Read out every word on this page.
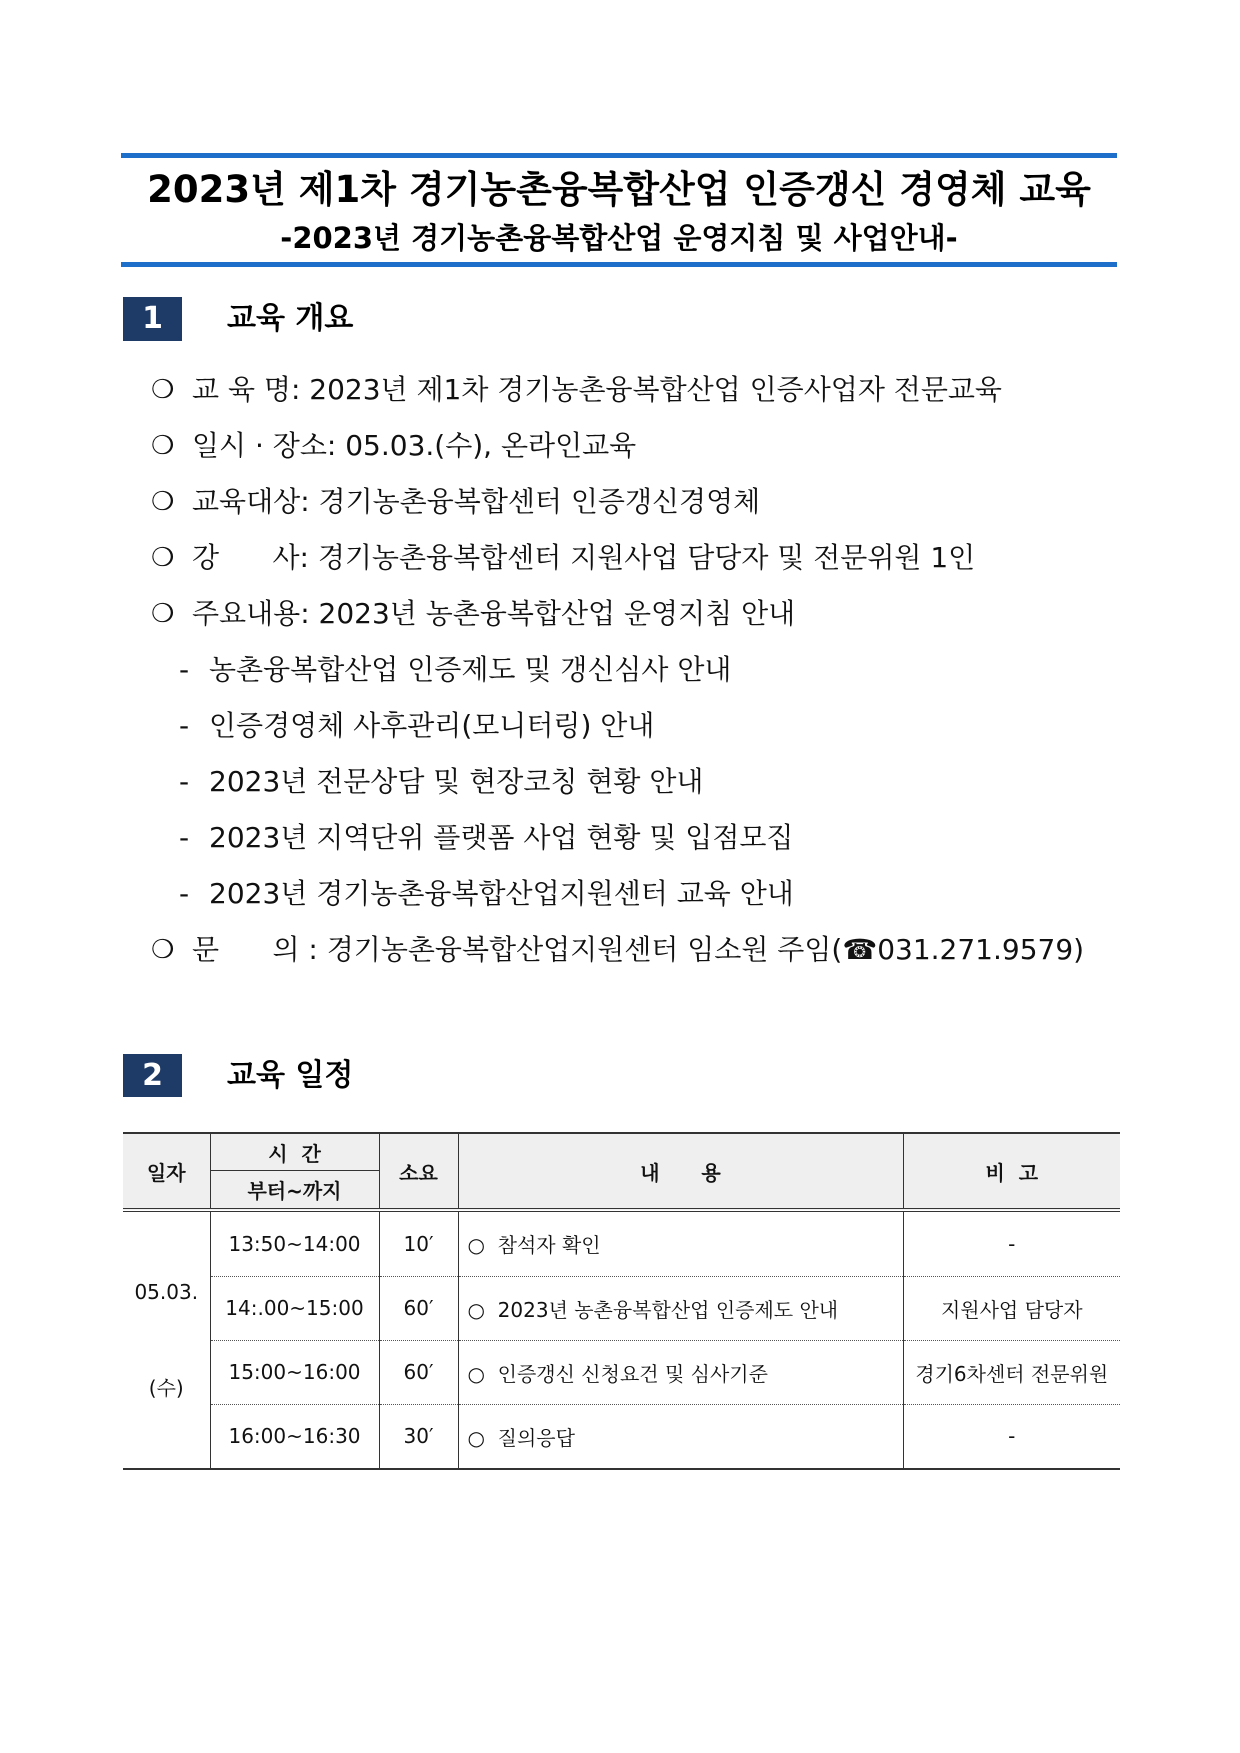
2023년 제1차 경기농촌융복합산업 인증갱신 경영체 교육
-2023년 경기농촌융복합산업 운영지침 및 사업안내-
1	교육 개요

❍

교 육 명: 2023년 제1차 경기농촌융복합산업 인증사업자 전문교육

❍

일시 · 장소: 05.03.(수), 온라인교육

❍

교육대상: 경기농촌융복합센터 인증갱신경영체

❍

강      사: 경기농촌융복합센터 지원사업 담당자 및 전문위원 1인

❍

주요내용: 2023년 농촌융복합산업 운영지침 안내

-

농촌융복합산업 인증제도 및 갱신심사 안내

-

인증경영체 사후관리(모니터링) 안내

-

2023년 전문상담 및 현장코칭 현황 안내

-

2023년 지역단위 플랫폼 사업 현황 및 입점모집

-

2023년 경기농촌융복합산업지원센터 교육 안내

❍

문      의 : 경기농촌융복합산업지원센터 임소원 주임(☎031.271.9579)

2	교육 일정
일자	시  간	소요	내      용	비  고
	부터~까지			

05.03.

(수)	13:50~14:00	10′	○  참석자 확인	-
	14:.00~15:00	60′	○  2023년 농촌융복합산업 인증제도 안내	지원사업 담당자
	15:00~16:00	60′	○  인증갱신 신청요건 및 심사기준	경기6차센터 전문위원
	16:00~16:30	30′	○  질의응답	-
